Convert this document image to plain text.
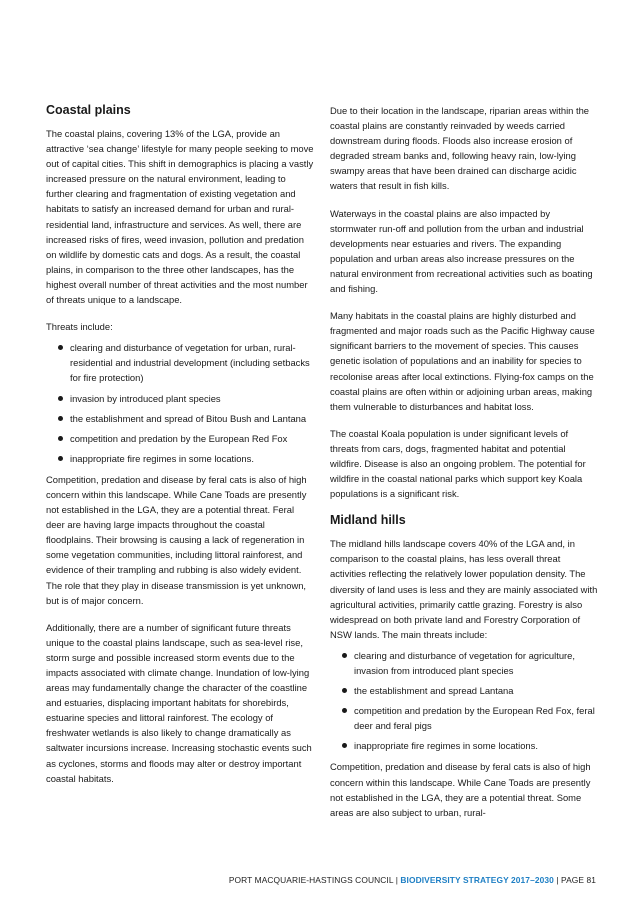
Coastal plains

The coastal plains, covering 13% of the LGA, provide an attractive ‘sea change’ lifestyle for many people seeking to move out of capital cities. This shift in demographics is placing a vastly increased pressure on the natural environment, leading to further clearing and fragmentation of existing vegetation and habitats to satisfy an increased demand for urban and rural-residential land, infrastructure and services. As well, there are increased risks of fires, weed invasion, pollution and predation on wildlife by domestic cats and dogs. As a result, the coastal plains, in comparison to the three other landscapes, has the highest overall number of threat activities and the most number of threats unique to a landscape.

Threats include:

clearing and disturbance of vegetation for urban, rural-residential and industrial development (including setbacks for fire protection)
invasion by introduced plant species
the establishment and spread of Bitou Bush and Lantana
competition and predation by the European Red Fox
inappropriate fire regimes in some locations.

Competition, predation and disease by feral cats is also of high concern within this landscape. While Cane Toads are presently not established in the LGA, they are a potential threat. Feral deer are having large impacts throughout the coastal floodplains. Their browsing is causing a lack of regeneration in some vegetation communities, including littoral rainforest, and evidence of their trampling and rubbing is also widely evident. The role that they play in disease transmission is yet unknown, but is of major concern.

Additionally, there are a number of significant future threats unique to the coastal plains landscape, such as sea-level rise, storm surge and possible increased storm events due to the impacts associated with climate change. Inundation of low-lying areas may fundamentally change the character of the coastline and estuaries, displacing important habitats for shorebirds, estuarine species and littoral rainforest. The ecology of freshwater wetlands is also likely to change dramatically as saltwater incursions increase. Increasing stochastic events such as cyclones, storms and floods may alter or destroy important coastal habitats.

Due to their location in the landscape, riparian areas within the coastal plains are constantly reinvaded by weeds carried downstream during floods. Floods also increase erosion of degraded stream banks and, following heavy rain, low-lying swampy areas that have been drained can discharge acidic waters that result in fish kills.

Waterways in the coastal plains are also impacted by stormwater run-off and pollution from the urban and industrial developments near estuaries and rivers. The expanding population and urban areas also increase pressures on the natural environment from recreational activities such as boating and fishing.

Many habitats in the coastal plains are highly disturbed and fragmented and major roads such as the Pacific Highway cause significant barriers to the movement of species. This causes genetic isolation of populations and an inability for species to recolonise areas after local extinctions. Flying-fox camps on the coastal plains are often within or adjoining urban areas, making them vulnerable to disturbances and habitat loss.

The coastal Koala population is under significant levels of threats from cars, dogs, fragmented habitat and potential wildfire. Disease is also an ongoing problem. The potential for wildfire in the coastal national parks which support key Koala populations is a significant risk.

Midland hills

The midland hills landscape covers 40% of the LGA and, in comparison to the coastal plains, has less overall threat activities reflecting the relatively lower population density. The diversity of land uses is less and they are mainly associated with agricultural activities, primarily cattle grazing. Forestry is also widespread on both private land and Forestry Corporation of NSW lands. The main threats include:

clearing and disturbance of vegetation for agriculture, invasion from introduced plant species
the establishment and spread Lantana
competition and predation by the European Red Fox, feral deer and feral pigs
inappropriate fire regimes in some locations.

Competition, predation and disease by feral cats is also of high concern within this landscape. While Cane Toads are presently not established in the LGA, they are a potential threat. Some areas are also subject to urban, rural-

PORT MACQUARIE-HASTINGS COUNCIL | BIODIVERSITY STRATEGY 2017–2030 | PAGE 81
